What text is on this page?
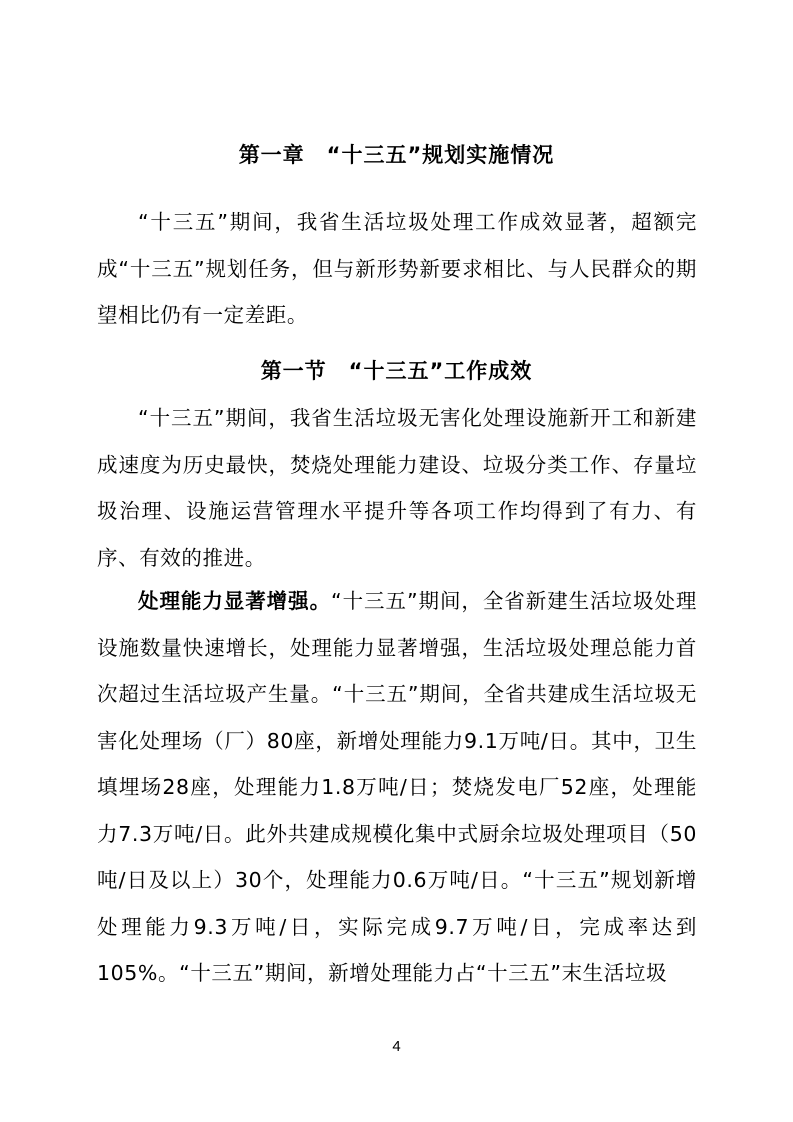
第一章　“十三五”规划实施情况

“十三五”期间，我省生活垃圾处理工作成效显著，超额完成“十三五”规划任务，但与新形势新要求相比、与人民群众的期望相比仍有一定差距。

第一节　“十三五”工作成效

“十三五”期间，我省生活垃圾无害化处理设施新开工和新建成速度为历史最快，焚烧处理能力建设、垃圾分类工作、存量垃圾治理、设施运营管理水平提升等各项工作均得到了有力、有序、有效的推进。

处理能力显著增强。“十三五”期间，全省新建生活垃圾处理设施数量快速增长，处理能力显著增强，生活垃圾处理总能力首次超过生活垃圾产生量。“十三五”期间，全省共建成生活垃圾无害化处理场（厂）80座，新增处理能力9.1万吨/日。其中，卫生填埋场28座，处理能力1.8万吨/日；焚烧发电厂52座，处理能力7.3万吨/日。此外共建成规模化集中式厨余垃圾处理项目（50吨/日及以上）30个，处理能力0.6万吨/日。“十三五”规划新增处理能力9.3万吨/日，实际完成9.7万吨/日，完成率达到105%。“十三五”期间，新增处理能力占“十三五”末生活垃圾

4
